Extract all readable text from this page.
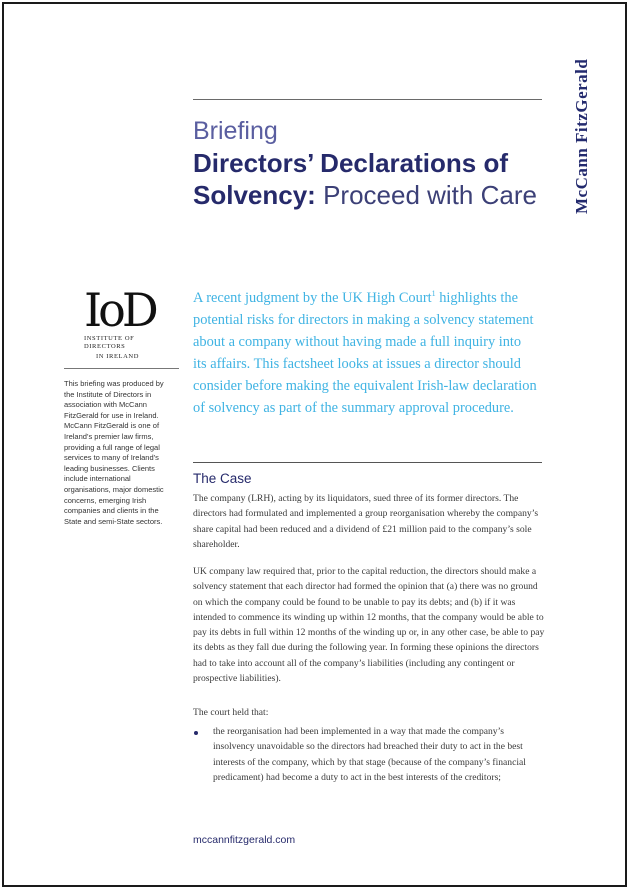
McCann FitzGerald
Briefing
Directors’ Declarations of Solvency: Proceed with Care
IoD
INSTITUTE OF DIRECTORS
IN IRELAND
This briefing was produced by the Institute of Directors in association with McCann FitzGerald for use in Ireland. McCann FitzGerald is one of Ireland’s premier law firms, providing a full range of legal services to many of Ireland’s leading businesses. Clients include international organisations, major domestic concerns, emerging Irish companies and clients in the State and semi-State sectors.
A recent judgment by the UK High Court$^1$ highlights the potential risks for directors in making a solvency statement about a company without having made a full inquiry into its affairs. This factsheet looks at issues a director should consider before making the equivalent Irish-law declaration of solvency as part of the summary approval procedure.
The Case
The company (LRH), acting by its liquidators, sued three of its former directors. The directors had formulated and implemented a group reorganisation whereby the company’s share capital had been reduced and a dividend of £21 million paid to the company’s sole shareholder.
UK company law required that, prior to the capital reduction, the directors should make a solvency statement that each director had formed the opinion that (a) there was no ground on which the company could be found to be unable to pay its debts; and (b) if it was intended to commence its winding up within 12 months, that the company would be able to pay its debts in full within 12 months of the winding up or, in any other case, be able to pay its debts as they fall due during the following year. In forming these opinions the directors had to take into account all of the company’s liabilities (including any contingent or prospective liabilities).
The court held that:
the reorganisation had been implemented in a way that made the company’s insolvency unavoidable so the directors had breached their duty to act in the best interests of the company, which by that stage (because of the company’s financial predicament) had become a duty to act in the best interests of the creditors;
mccannfitzgerald.com
